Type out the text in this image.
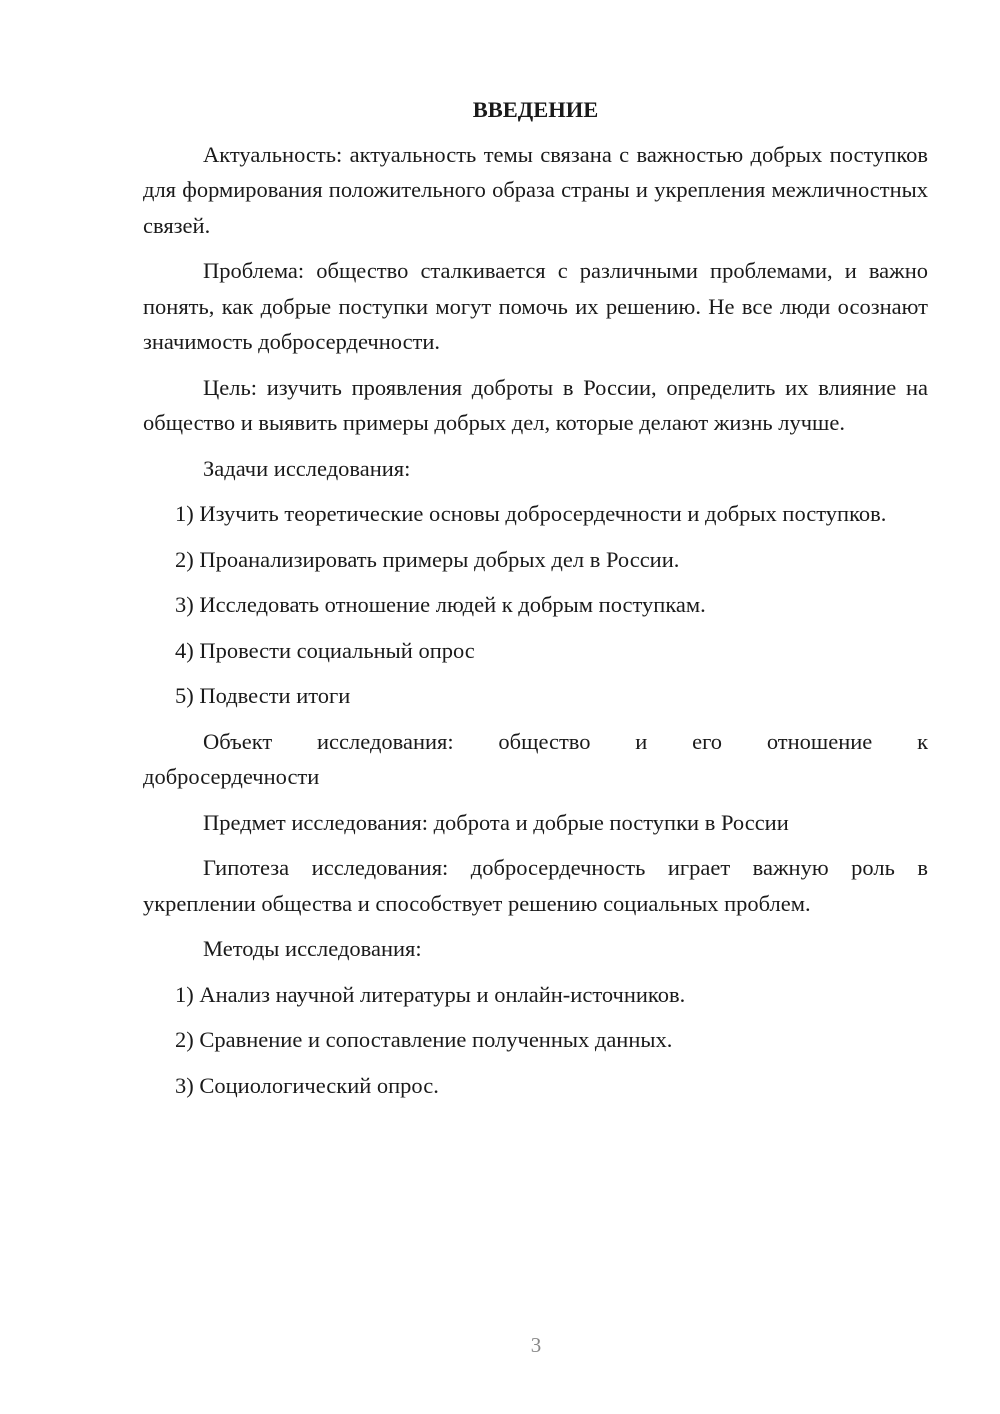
ВВЕДЕНИЕ

Актуальность: актуальность темы связана с важностью добрых поступков для формирования положительного образа страны и укрепления межличностных связей.

Проблема: общество сталкивается с различными проблемами, и важно понять, как добрые поступки могут помочь их решению. Не все люди осознают значимость добросердечности.

Цель: изучить проявления доброты в России, определить их влияние на общество и выявить примеры добрых дел, которые делают жизнь лучше.

Задачи исследования:

1) Изучить теоретические основы добросердечности и добрых поступков.

2) Проанализировать примеры добрых дел в России.

3) Исследовать отношение людей к добрым поступкам.

4) Провести социальный опрос

5) Подвести итоги

Объект исследования: общество и его отношение к
добросердечности

Предмет исследования: доброта и добрые поступки в России

Гипотеза исследования: добросердечность играет важную роль в укреплении общества и способствует решению социальных проблем.

Методы исследования:

1) Анализ научной литературы и онлайн-источников.

2) Сравнение и сопоставление полученных данных.

3) Социологический опрос.

3
